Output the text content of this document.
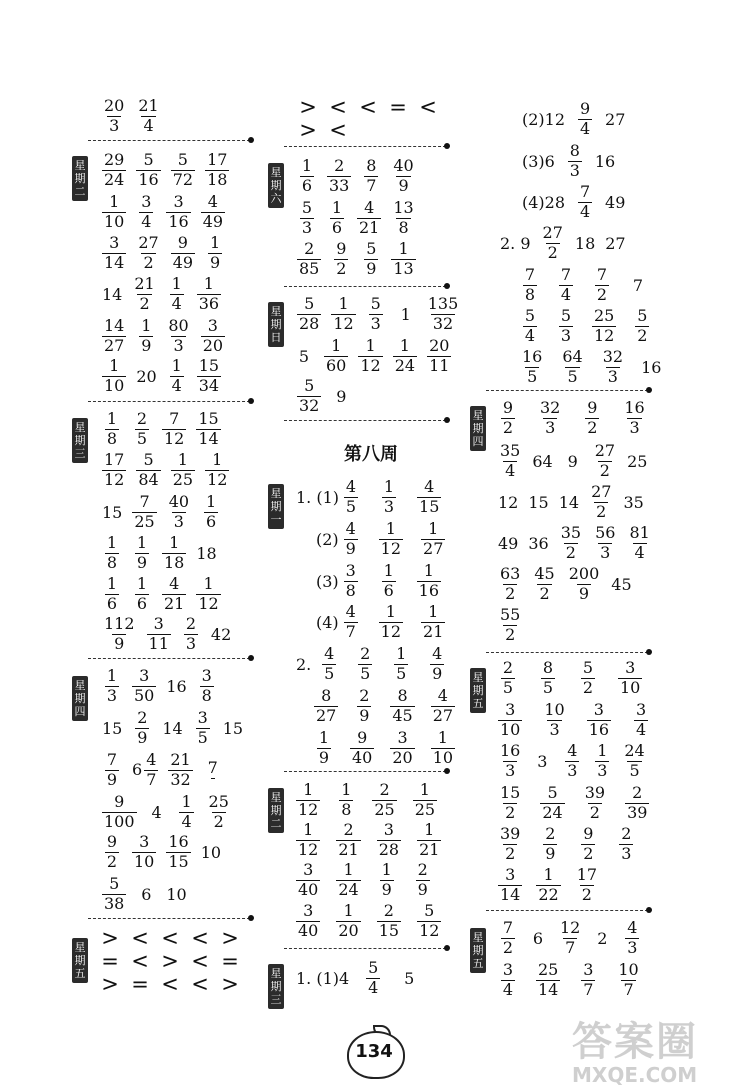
$\frac{20}{3} \frac{21}{4}$
星
期
二
$\frac{29}{24} \frac{5}{16} \frac{5}{72} \frac{17}{18}$
$\frac{1}{10} \frac{3}{4} \frac{3}{16} \frac{4}{49}$
$\frac{3}{14} \frac{27}{2} \frac{9}{49} \frac{1}{9}$
$14 \frac{21}{2} \frac{1}{4} \frac{1}{36}$
$\frac{14}{27} \frac{1}{9} \frac{80}{3} \frac{3}{20}$
$\frac{1}{10} 20 \frac{1}{4} \frac{15}{34}$
星
期
三
$\frac{1}{8} \frac{2}{5} \frac{7}{12} \frac{15}{14}$
$\frac{17}{12} \frac{5}{84} \frac{1}{25} \frac{1}{12}$
$15 \frac{7}{25} \frac{40}{3} \frac{1}{6}$
$\frac{1}{8} \frac{1}{9} \frac{1}{18} 18$
$\frac{1}{6} \frac{1}{6} \frac{4}{21} \frac{1}{12}$
$\frac{112}{9} \frac{3}{11} \frac{2}{3} 42$
星
期
四
$\frac{1}{3} \frac{3}{50} 16 \frac{3}{8}$
$15 \frac{2}{9} 14 \frac{3}{5} 15$
$\frac{7}{9} 6 \frac{4}{7} \frac{21}{32} 7$
$\frac{9}{100} 4 \frac{1}{4} \frac{25}{2}$
$\frac{9}{2} \frac{3}{10} \frac{16}{15} 10$
$\frac{5}{38} 6$ 10
星
期
五
> < < < >
= < > < =
> = < < >
> < < = <
> <
星
期
六
$\frac{1}{6} \frac{2}{33} \frac{8}{7} \frac{40}{9}$
$\frac{5}{3} \frac{1}{6} \frac{4}{21} \frac{13}{8}$
$\frac{2}{85} \frac{9}{2} \frac{5}{9} \frac{1}{13}$
星
期
日
$\frac{5}{28} \frac{1}{12} \frac{5}{3} 1 \frac{135}{32}$
$5 \frac{1}{60} \frac{1}{12} \frac{1}{24} \frac{20}{11}$
$\frac{5}{32} 9$
第八周
星
期
一
1. $(1) \frac{4}{5} \frac{1}{3} \frac{4}{15}$
$(2) \frac{4}{9} \frac{1}{12} \frac{1}{27}$
$(3) \frac{3}{8} \frac{1}{6} \frac{1}{16}$
$(4) \frac{4}{7} \frac{1}{12} \frac{1}{21}$
2. $\frac{4}{5} \frac{2}{5} \frac{1}{5} \frac{4}{9}$
$\frac{8}{27} \frac{2}{9} \frac{8}{45} \frac{4}{27}$
$\frac{1}{9} \frac{9}{40} \frac{3}{20} \frac{1}{10}$
星
期
二
$\frac{1}{12} \frac{1}{8} \frac{2}{25} \frac{1}{25}$
$\frac{1}{12} \frac{2}{21} \frac{3}{28} \frac{1}{21}$
$\frac{3}{40} \frac{1}{24} \frac{1}{9} \frac{2}{9}$
$\frac{3}{40} \frac{1}{20} \frac{2}{15} \frac{5}{12}$
星
期
三
1. $(1)4 \frac{5}{4}$	5
$(2)12 \frac{9}{4} 27$
$(3)6 \frac{8}{3} 16$
$(4)28 \frac{7}{4} 49$
2. $9 \frac{27}{2} 18$ 27
$\frac{7}{8} \frac{7}{4} \frac{7}{2}$	7
$\frac{5}{4} \frac{5}{3} \frac{25}{12} \frac{5}{2}$
$\frac{16}{5} \frac{64}{5} \frac{32}{3} 16$
星
期
四
$\frac{9}{2} \frac{32}{3} \frac{9}{2} \frac{16}{3}$
$\frac{35}{4} 64$ $9 \frac{27}{2} 25$
12 15 $14 \frac{27}{2} 35$
49 $36 \frac{35}{2} \frac{56}{3} \frac{81}{4}$
$\frac{63}{2} \frac{45}{2} \frac{200}{9} 45$
$\frac{55}{2}$
星
期
五
$\frac{2}{5} \frac{8}{5} \frac{5}{2} \frac{3}{10}$
$\frac{3}{10} \frac{10}{3} \frac{3}{16} \frac{3}{4}$
$\frac{16}{3} 3 \frac{4}{3} \frac{1}{3} \frac{24}{5}$
$\frac{15}{2} \frac{5}{24} \frac{39}{2} \frac{2}{39}$
$\frac{39}{2} \frac{2}{9} \frac{9}{2} \frac{2}{3}$
$\frac{3}{14} \frac{1}{22} \frac{17}{2}$
星
期
五
$\frac{7}{2} 6 \frac{12}{7} 2 \frac{4}{3}$
$\frac{3}{4} \frac{25}{14} \frac{3}{7} \frac{10}{7}$
134	答案圈
MXQE.COM
